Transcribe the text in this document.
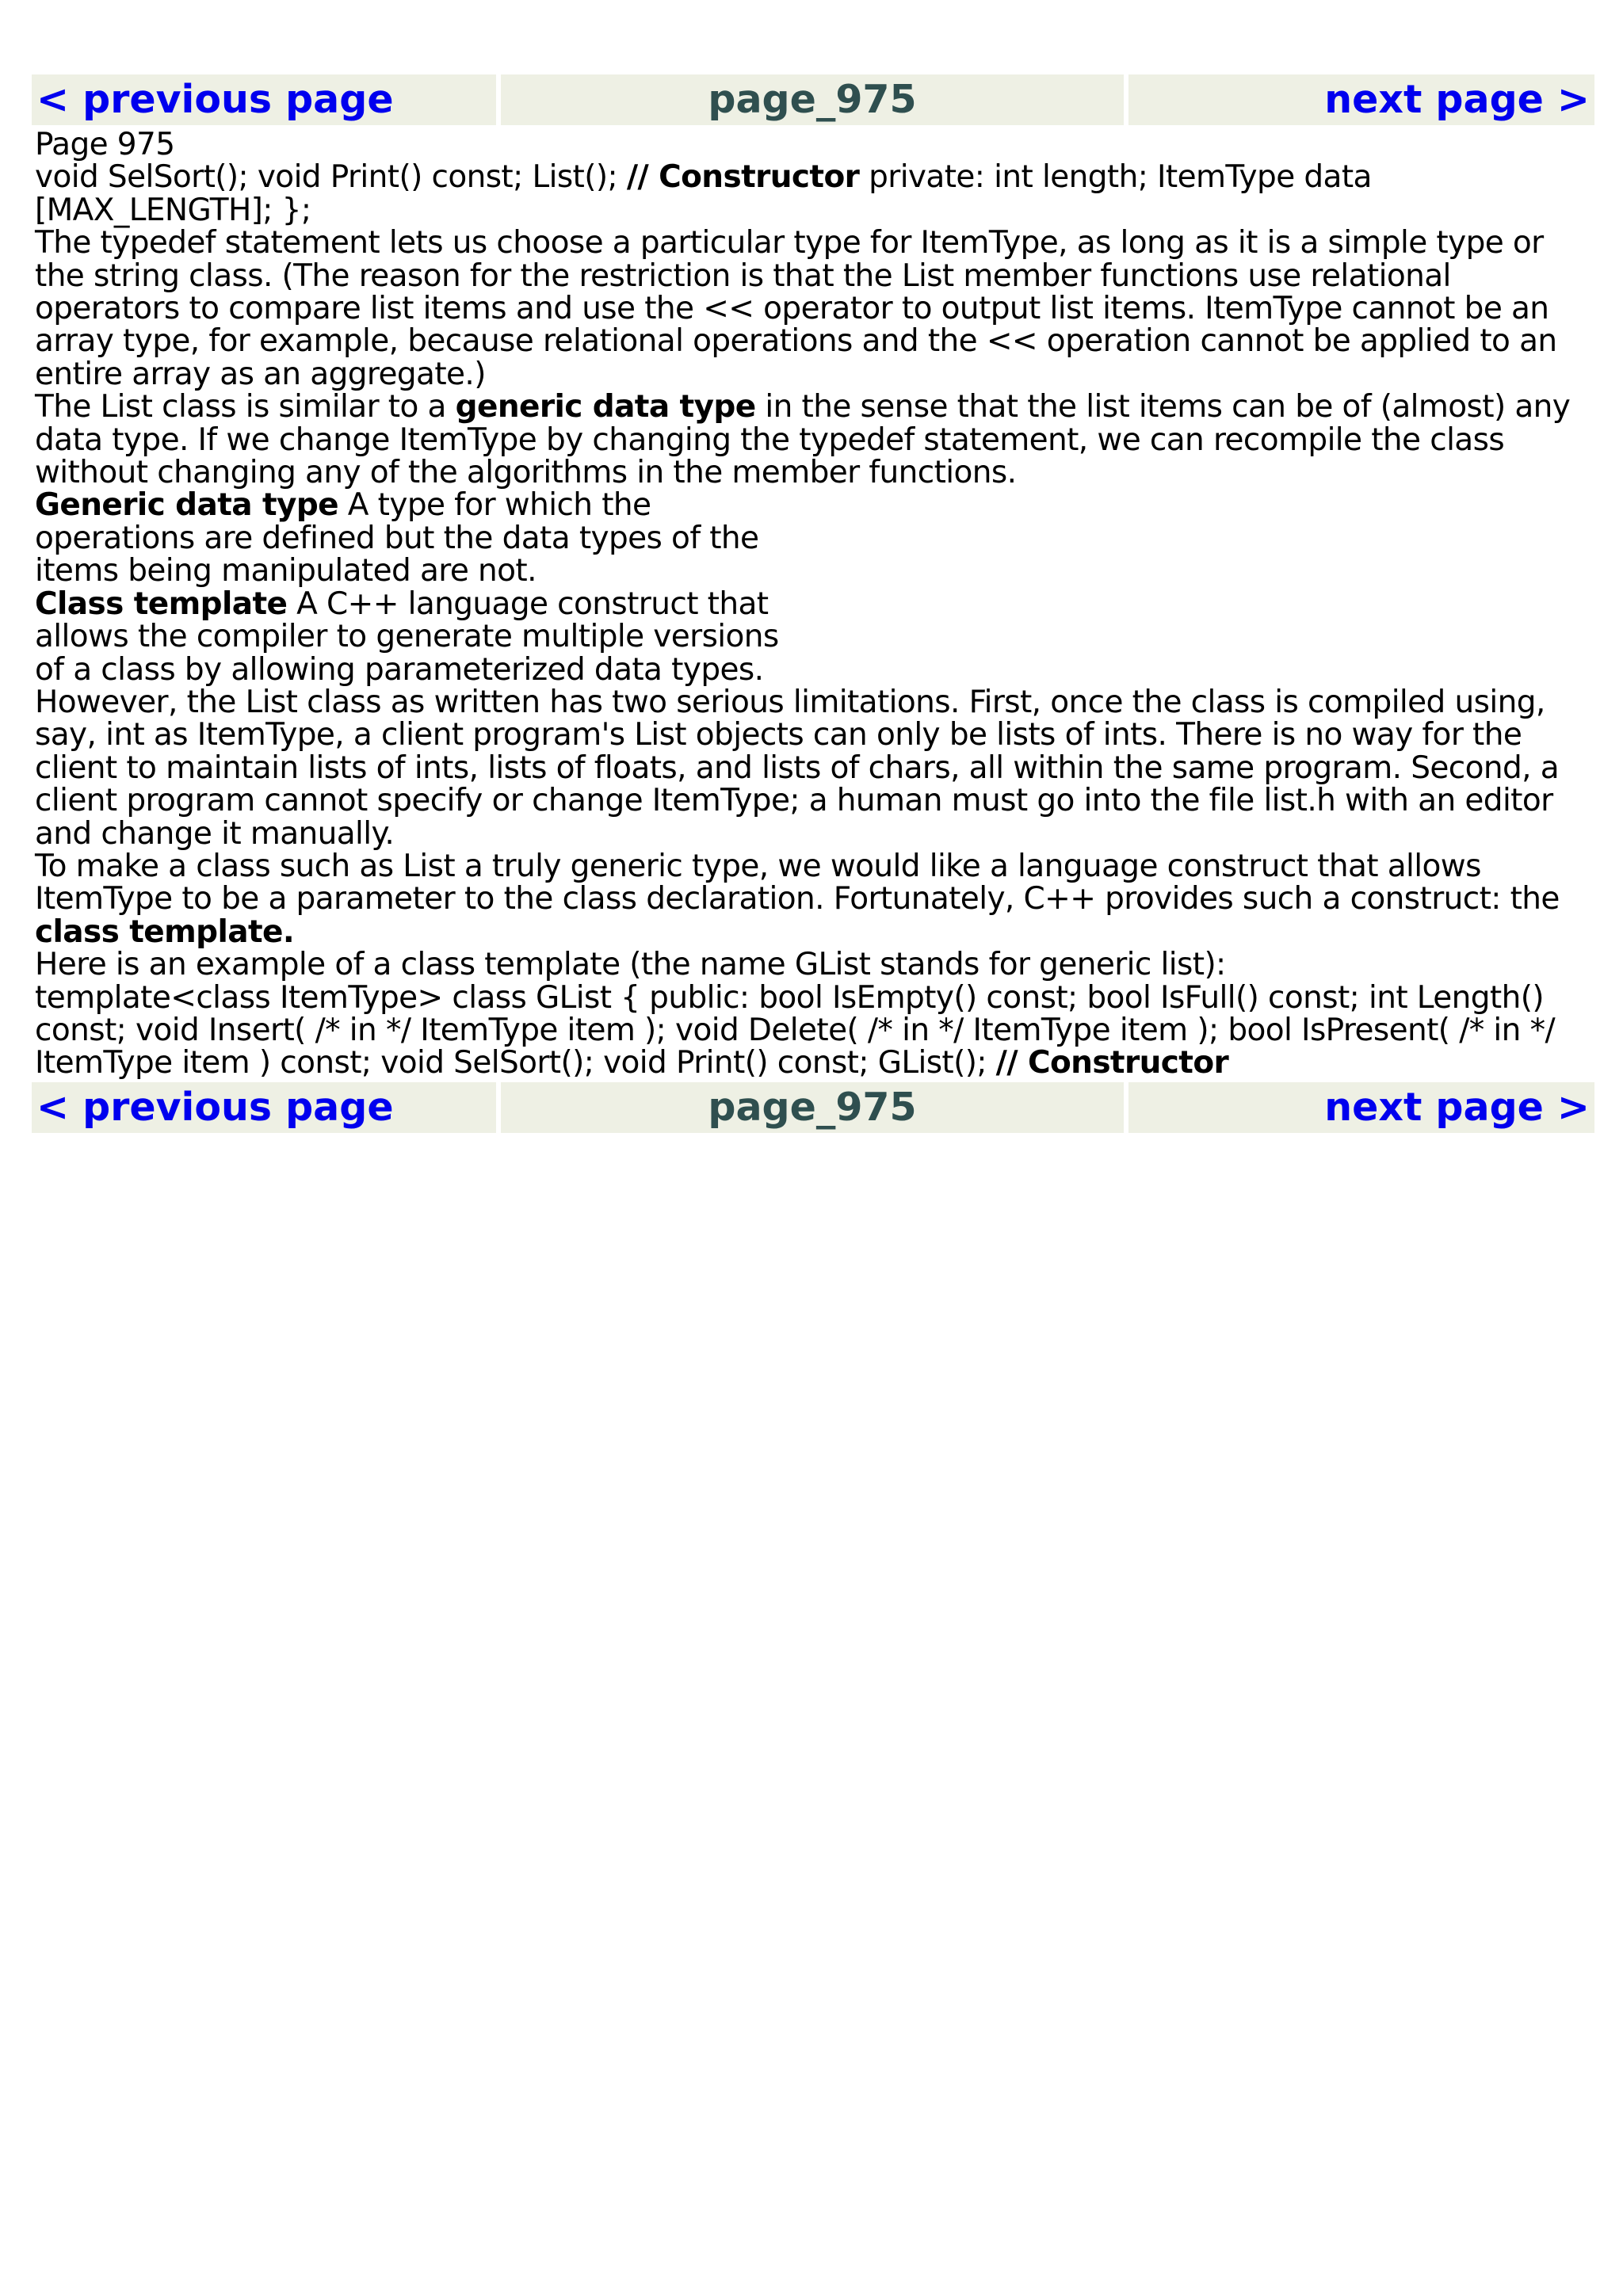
< previous page	page_975	next page >

Page 975

void SelSort(); void Print() const; List(); // Constructor private: int length; ItemType data [MAX_LENGTH]; };

The typedef statement lets us choose a particular type for ItemType, as long as it is a simple type or the string class. (The reason for the restriction is that the List member functions use relational operators to compare list items and use the << operator to output list items. ItemType cannot be an array type, for example, because relational operations and the << operation cannot be applied to an entire array as an aggregate.)

The List class is similar to a generic data type in the sense that the list items can be of (almost) any data type. If we change ItemType by changing the typedef statement, we can recompile the class without changing any of the algorithms in the member functions.

Generic data type A type for which the operations are defined but the data types of the items being manipulated are not.

Class template A C++ language construct that allows the compiler to generate multiple versions of a class by allowing parameterized data types.

However, the List class as written has two serious limitations. First, once the class is compiled using, say, int as ItemType, a client program's List objects can only be lists of ints. There is no way for the client to maintain lists of ints, lists of floats, and lists of chars, all within the same program. Second, a client program cannot specify or change ItemType; a human must go into the file list.h with an editor and change it manually.

To make a class such as List a truly generic type, we would like a language construct that allows ItemType to be a parameter to the class declaration. Fortunately, C++ provides such a construct: the class template.

Here is an example of a class template (the name GList stands for generic list):

template<class ItemType> class GList { public: bool IsEmpty() const; bool IsFull() const; int Length() const; void Insert( /* in */ ItemType item ); void Delete( /* in */ ItemType item ); bool IsPresent( /* in */ ItemType item ) const; void SelSort(); void Print() const; GList(); // Constructor

< previous page	page_975	next page >
